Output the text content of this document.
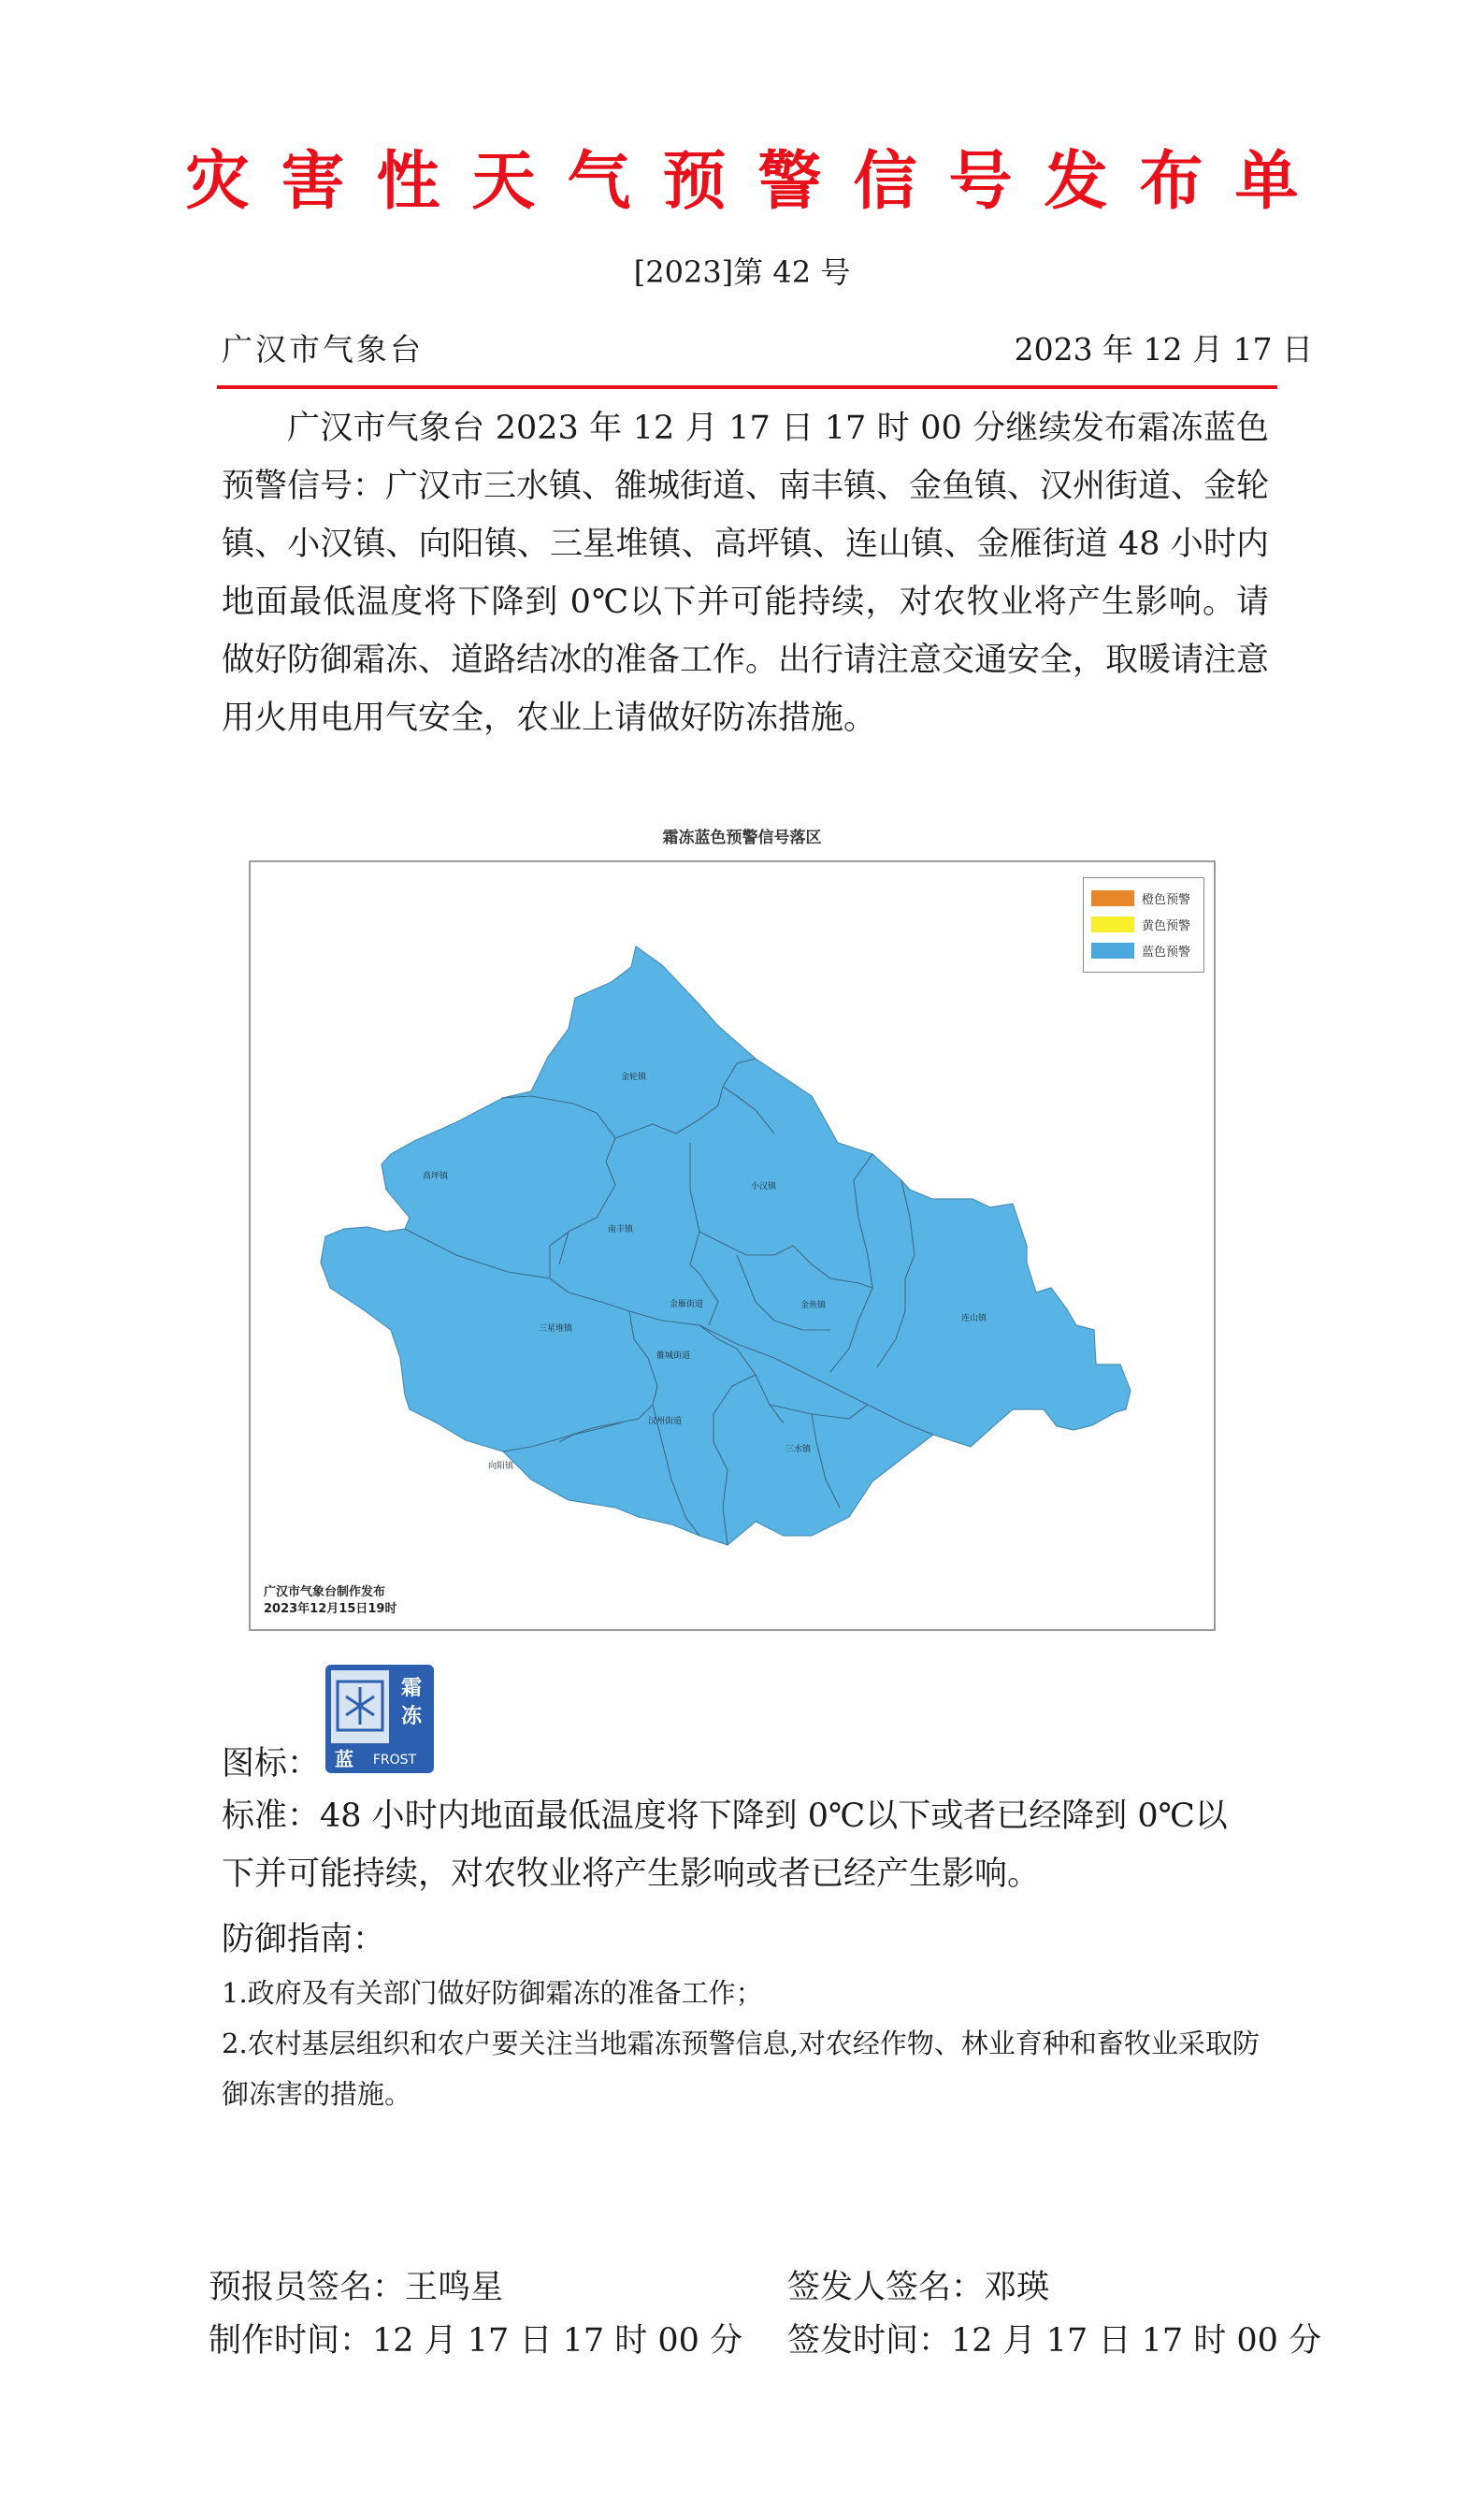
灾害性天气预警信号发布单
[2023]第 42 号
广汉市气象台	2023 年 12 月 17 日
广汉市气象台 2023 年 12 月 17 日 17 时 00 分继续发布霜冻蓝色预警信号：广汉市三水镇、雒城街道、南丰镇、金鱼镇、汉州街道、金轮镇、小汉镇、向阳镇、三星堆镇、高坪镇、连山镇、金雁街道 48 小时内地面最低温度将下降到 0℃以下并可能持续，对农牧业将产生影响。请做好防御霜冻、道路结冰的准备工作。出行请注意交通安全，取暖请注意用火用电用气安全，农业上请做好防冻措施。
霜冻蓝色预警信号落区
金轮镇
高坪镇
南丰镇
小汉镇
金雁街道
三星堆镇
雒城街道
金鱼镇
连山镇
汉州街道
向阳镇
三水镇
橙色预警
黄色预警
蓝色预警
广汉市气象台制作发布
2023年12月15日19时
图标：
霜
冻
蓝 FROST
标准：48 小时内地面最低温度将下降到 0℃以下或者已经降到 0℃以下并可能持续，对农牧业将产生影响或者已经产生影响。
防御指南：
1.政府及有关部门做好防御霜冻的准备工作；
2.农村基层组织和农户要关注当地霜冻预警信息,对农经作物、林业育种和畜牧业采取防御冻害的措施。
预报员签名：王鸣星	签发人签名：邓瑛
制作时间：12 月 17 日 17 时 00 分 签发时间：12 月 17 日 17 时 00 分
